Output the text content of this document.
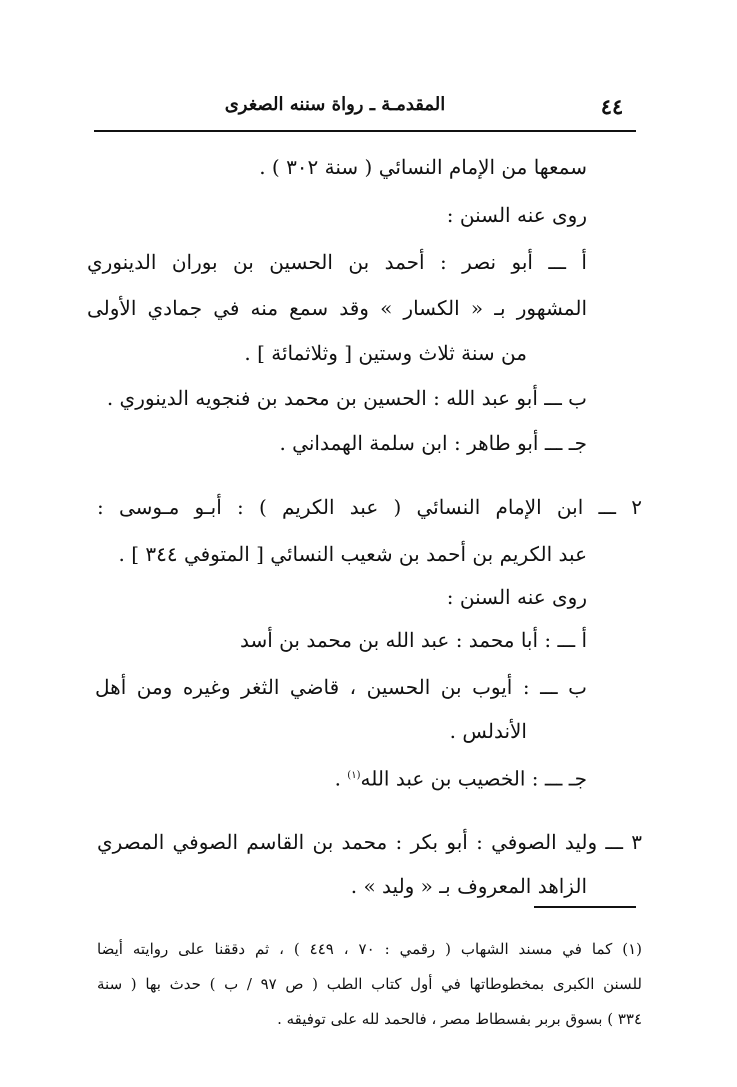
٤٤
المقدمـة ـ رواة سننه الصغرى
سمعها من الإمام النسائي ( سنة ٣٠٢ ) .
روى عنه السنن :
أ ـــ أبو نصر : أحمد بن الحسين بن بوران الدينوري
المشهور بـ « الكسار » وقد سمع منه في جمادي الأولى
من سنة ثلاث وستين [ وثلاثمائة ] .
ب ـــ أبو عبد الله : الحسين بن محمد بن فنجويه الدينوري .
جـ ـــ أبو طاهر : ابن سلمة الهمداني .
٢ ـــ ابن الإمام النسائي ( عبد الكريم ) : أبـو مـوسى :
عبد الكريم بن أحمد بن شعيب النسائي [ المتوفي ٣٤٤ ] .
روى عنه السنن :
أ ـــ : أبا محمد : عبد الله بن محمد بن أسد
ب ـــ : أيوب بن الحسين ، قاضي الثغر وغيره ومن أهل
الأندلس .
جـ ـــ : الخصيب بن عبد الله$^{(١)}$ .
٣ ـــ وليد الصوفي : أبو بكر : محمد بن القاسم الصوفي المصري
الزاهد المعروف بـ « وليد » .
(١) كما في مسند الشهاب ( رقمي : ٧٠ ، ٤٤٩ ) ، ثم دققنا على روايته أيضا
للسنن الكبرى بمخطوطاتها في أول كتاب الطب ( ص ٩٧ / ب ) حدث بها ( سنة
٣٣٤ ) بسوق بربر بفسطاط مصر ، فالحمد لله على توفيقه .
